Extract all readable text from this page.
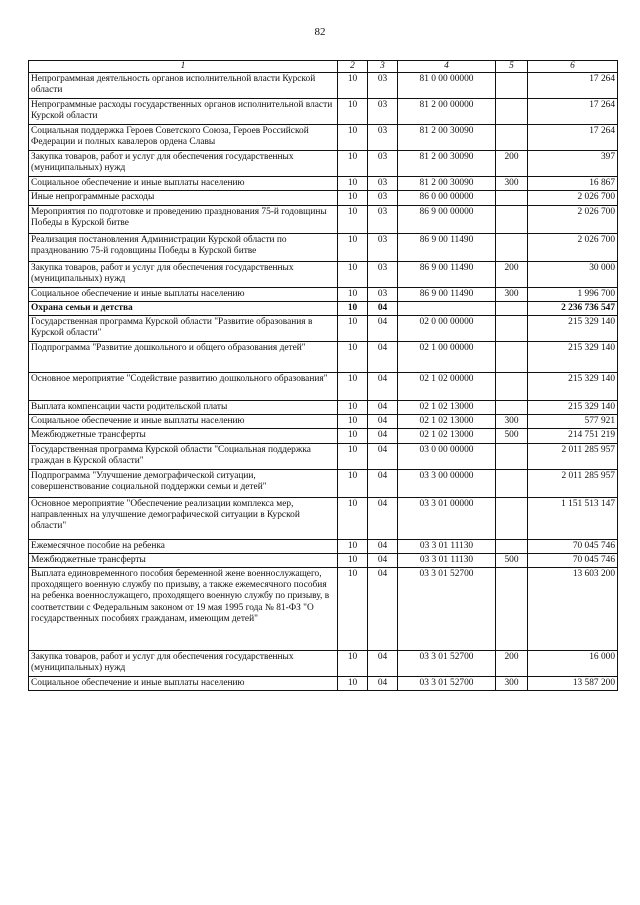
82
1	2	3	4	5	6
Непрограммная деятельность органов исполнительной власти Курской области	10	03	81 0 00 00000		17 264
Непрограммные расходы государственных органов исполнительной власти Курской области	10	03	81 2 00 00000		17 264
Социальная поддержка Героев Советского Союза, Героев Российской Федерации и полных кавалеров ордена Славы	10	03	81 2 00 30090		17 264
Закупка товаров, работ и услуг для обеспечения государственных (муниципальных) нужд	10	03	81 2 00 30090	200	397
Социальное обеспечение и иные выплаты населению	10	03	81 2 00 30090	300	16 867
Иные непрограммные расходы	10	03	86 0 00 00000		2 026 700
Мероприятия по подготовке и проведению празднования 75-й годовщины Победы в Курской битве	10	03	86 9 00 00000		2 026 700
Реализация постановления Администрации Курской области по празднованию 75-й годовщины Победы в Курской битве	10	03	86 9 00 11490		2 026 700
Закупка товаров, работ и услуг для обеспечения государственных (муниципальных) нужд	10	03	86 9 00 11490	200	30 000
Социальное обеспечение и иные выплаты населению	10	03	86 9 00 11490	300	1 996 700
Охрана семьи и детства	10	04			2 236 736 547
Государственная программа Курской области "Развитие образования в Курской области"	10	04	02 0 00 00000		215 329 140
Подпрограмма "Развитие дошкольного и общего образования детей"	10	04	02 1 00 00000		215 329 140
Основное мероприятие "Содействие развитию дошкольного образования"	10	04	02 1 02 00000		215 329 140
Выплата компенсации части родительской платы	10	04	02 1 02 13000		215 329 140
Социальное обеспечение и иные выплаты населению	10	04	02 1 02 13000	300	577 921
Межбюджетные трансферты	10	04	02 1 02 13000	500	214 751 219
Государственная программа Курской области "Социальная поддержка граждан в Курской области"	10	04	03 0 00 00000		2 011 285 957
Подпрограмма "Улучшение демографической ситуации, совершенствование социальной поддержки семьи и детей"	10	04	03 3 00 00000		2 011 285 957
Основное мероприятие "Обеспечение реализации комплекса мер, направленных на улучшение демографической ситуации в Курской области"	10	04	03 3 01 00000		1 151 513 147
Ежемесячное пособие на ребенка	10	04	03 3 01 11130		70 045 746
Межбюджетные трансферты	10	04	03 3 01 11130	500	70 045 746
Выплата единовременного пособия беременной жене военнослужащего, проходящего военную службу по призыву, а также ежемесячного пособия на ребенка военнослужащего, проходящего военную службу по призыву, в соответствии с Федеральным законом от 19 мая 1995 года № 81-ФЗ "О государственных пособиях гражданам, имеющим детей"	10	04	03 3 01 52700		13 603 200
Закупка товаров, работ и услуг для обеспечения государственных (муниципальных) нужд	10	04	03 3 01 52700	200	16 000
Социальное обеспечение и иные выплаты населению	10	04	03 3 01 52700	300	13 587 200
